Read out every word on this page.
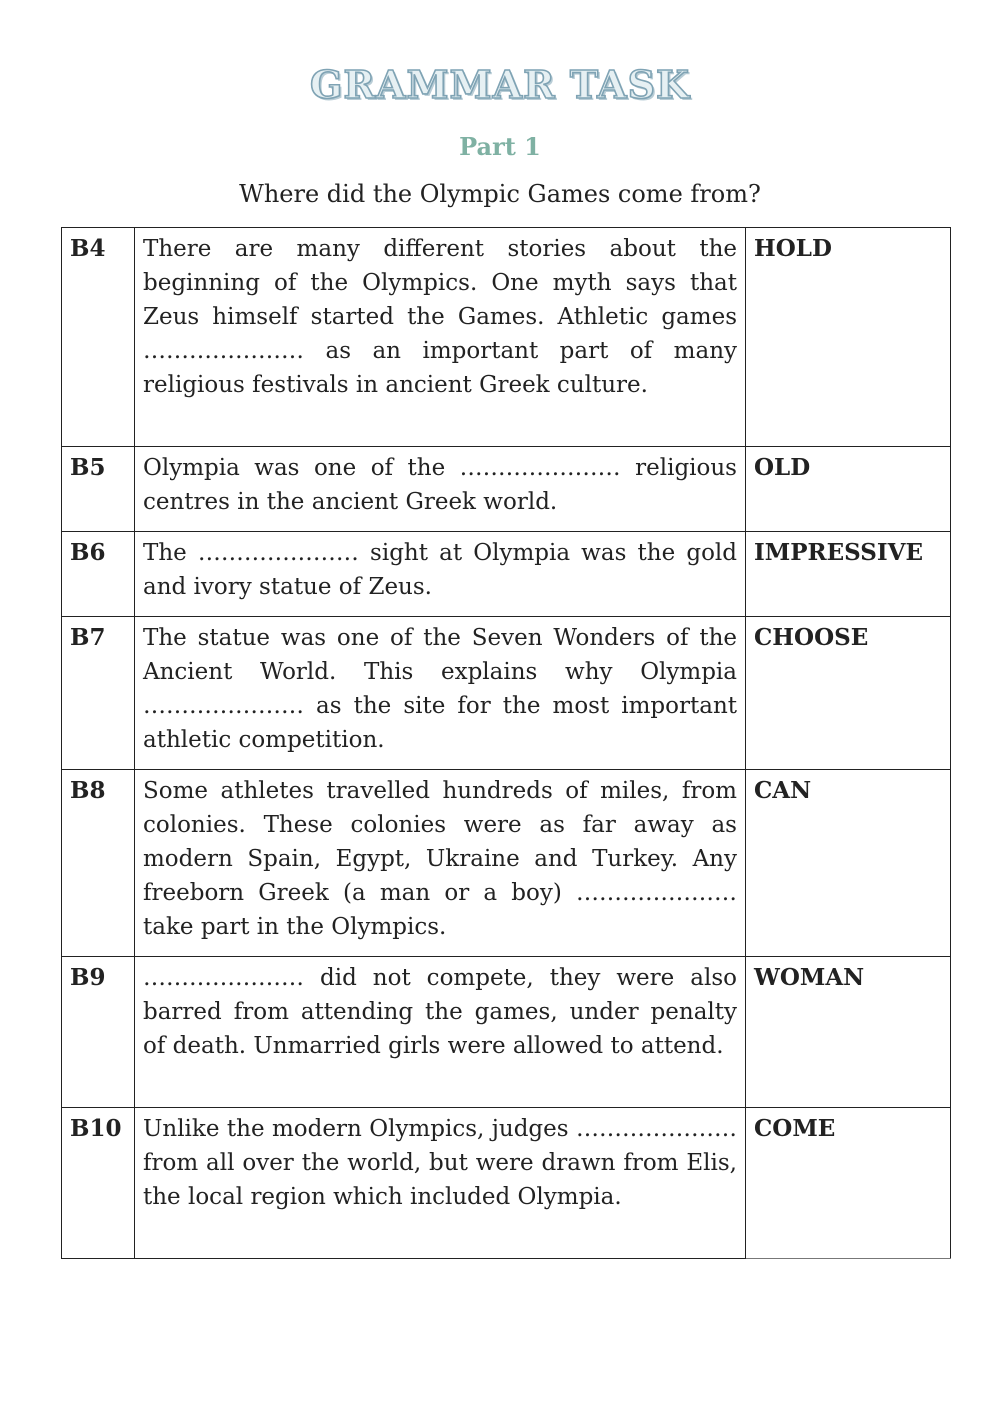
GRAMMAR TASK
Part 1
Where did the Olympic Games come from?
B4	There are many different stories about the beginning of the Olympics. One myth says that Zeus himself started the Games. Athletic games ………………… as an important part of many religious festivals in ancient Greek culture.	HOLD
B5	Olympia was one of the ………………… religious centres in the ancient Greek world.	OLD
B6	The ………………… sight at Olympia was the gold and ivory statue of Zeus.	IMPRESSIVE
B7	The statue was one of the Seven Wonders of the Ancient World. This explains why Olympia ………………… as the site for the most important athletic competition.	CHOOSE
B8	Some athletes travelled hundreds of miles, from colonies. These colonies were as far away as modern Spain, Egypt, Ukraine and Turkey. Any freeborn Greek (a man or a boy) ………………… take part in the Olympics.	CAN
B9	………………… did not compete, they were also barred from attending the games, under penalty of death. Unmarried girls were allowed to attend.	WOMAN
B10	Unlike the modern Olympics, judges ………………… from all over the world, but were drawn from Elis, the local region which included Olympia.	COME
